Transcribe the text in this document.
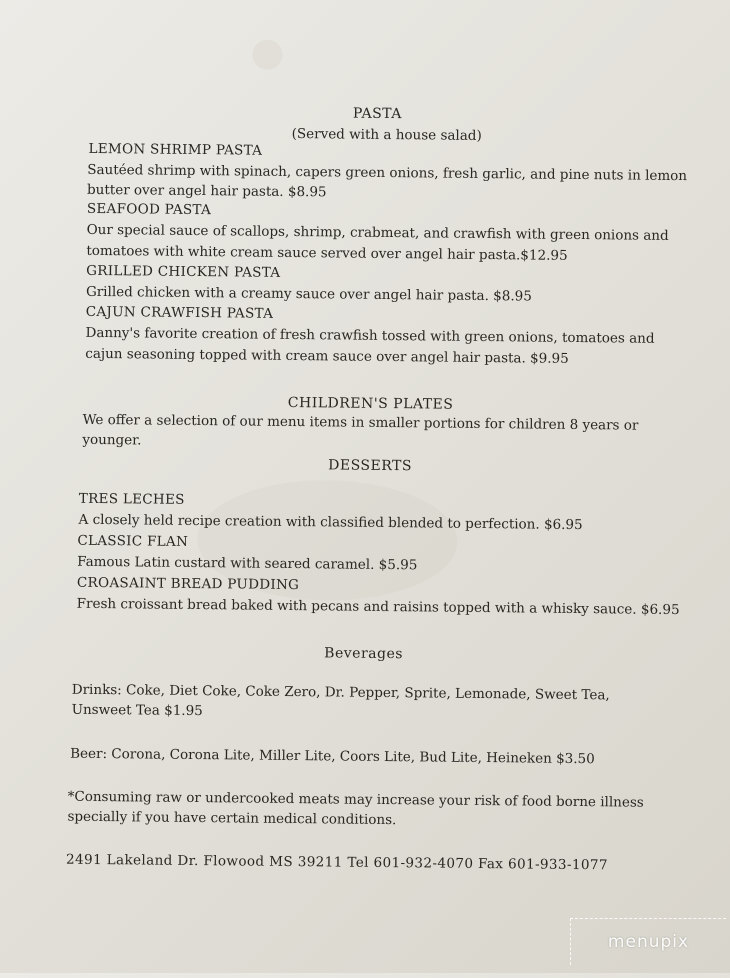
PASTA
(Served with a house salad)
LEMON SHRIMP PASTA
Sautéed shrimp with spinach, capers green onions, fresh garlic, and pine nuts in lemon
butter over angel hair pasta. $8.95
SEAFOOD PASTA
Our special sauce of scallops, shrimp, crabmeat, and crawfish with green onions and
tomatoes with white cream sauce served over angel hair pasta.$12.95
GRILLED CHICKEN PASTA
Grilled chicken with a creamy sauce over angel hair pasta. $8.95
CAJUN CRAWFISH PASTA
Danny's favorite creation of fresh crawfish tossed with green onions, tomatoes and
cajun seasoning topped with cream sauce over angel hair pasta. $9.95
CHILDREN'S PLATES
We offer a selection of our menu items in smaller portions for children 8 years or
younger.
DESSERTS
TRES LECHES
A closely held recipe creation with classified blended to perfection. $6.95
CLASSIC FLAN
Famous Latin custard with seared caramel. $5.95
CROASAINT BREAD PUDDING
Fresh croissant bread baked with pecans and raisins topped with a whisky sauce. $6.95
Beverages
Drinks: Coke, Diet Coke, Coke Zero, Dr. Pepper, Sprite, Lemonade, Sweet Tea,
Unsweet Tea $1.95
Beer: Corona, Corona Lite, Miller Lite, Coors Lite, Bud Lite, Heineken $3.50
*Consuming raw or undercooked meats may increase your risk of food borne illness
specially if you have certain medical conditions.
2491 Lakeland Dr. Flowood MS 39211 Tel 601-932-4070 Fax 601-933-1077
menupix
